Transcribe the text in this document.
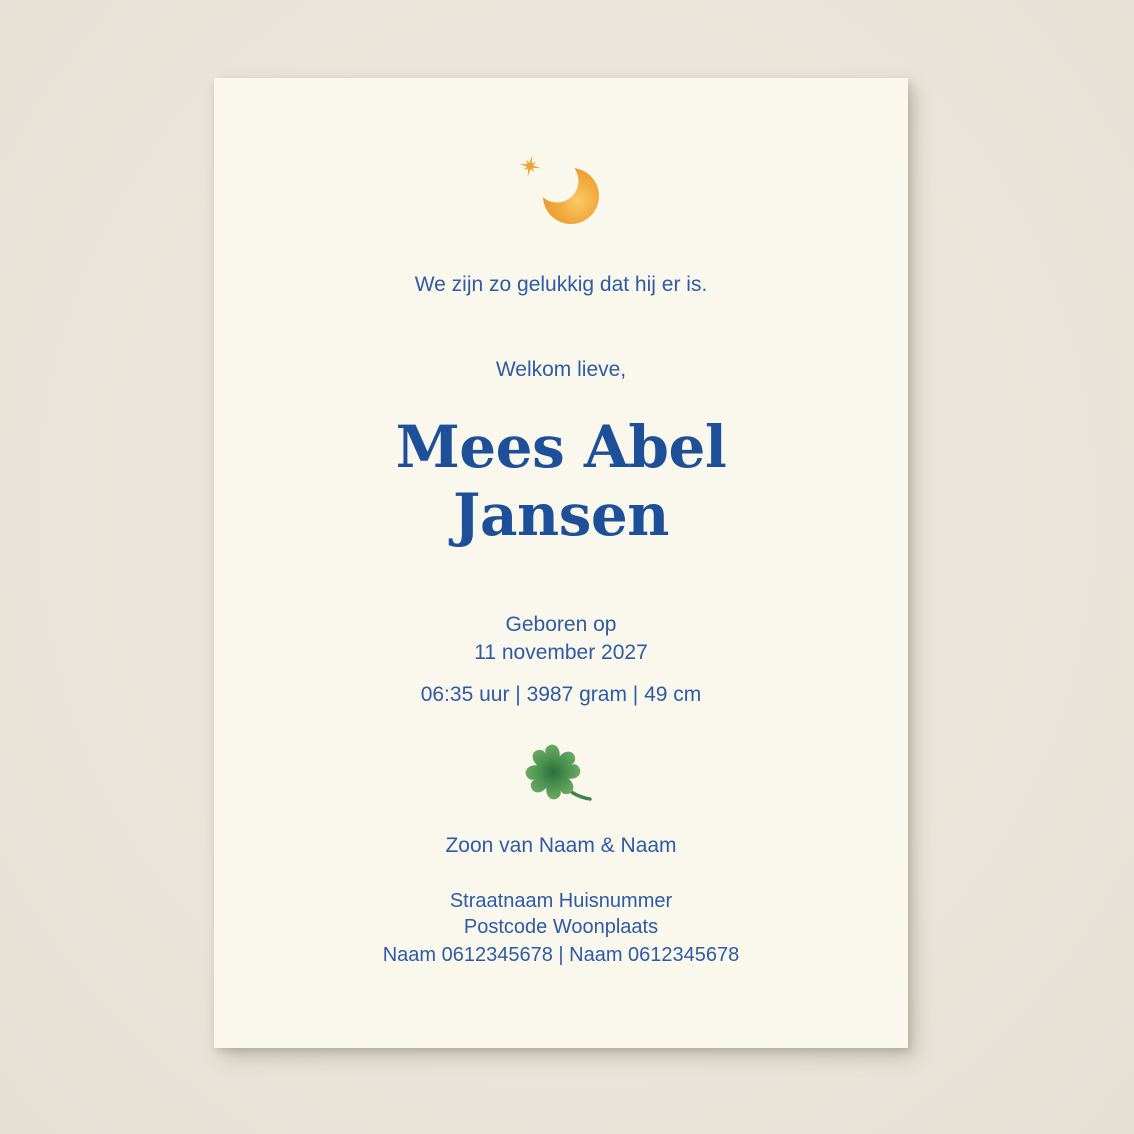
We zijn zo gelukkig dat hij er is.
Welkom lieve,
Mees Abel
Jansen
Geboren op
11 november 2027
06:35 uur | 3987 gram | 49 cm
Zoon van Naam & Naam
Straatnaam Huisnummer
Postcode Woonplaats
Naam 0612345678 | Naam 0612345678
